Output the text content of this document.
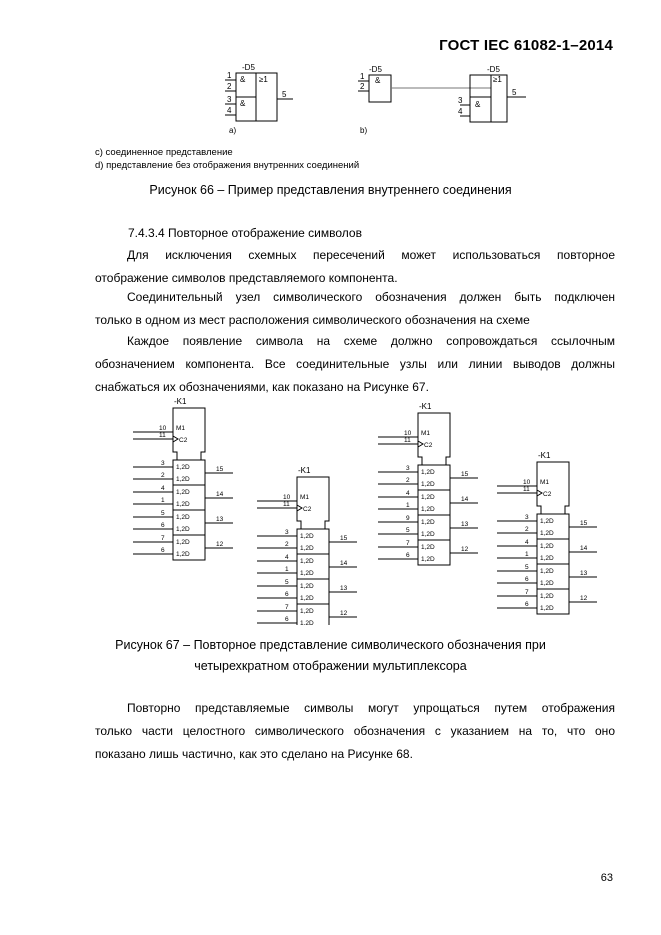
ГОСТ IEC 61082-1–2014
-D5
&
&
≥1
1
2
3
4
5
a)
-D5	-D5
&	≥1
&
1
2
3
4
5
b)
с) соединенное представление
d) представление без отображения внутренних соединений
Рисунок 66 – Пример представления внутреннего соединения
7.4.3.4 Повторное отображение символов
Для исключения схемных пересечений может использоваться повторное
отображение символов представляемого компонента.
Соединительный узел символического обозначения должен быть подключен
только в одном из мест расположения символического обозначения на схеме
Каждое появление символа на схеме должно сопровождаться ссылочным
обозначением компонента. Все соединительные узлы или линии выводов должны
снабжаться их обозначениями, как показано на Рисунке 67.
-K1
M1
C2
10
11
1,2D
1,2D
3
2
15
1,2D
1,2D
4
1
14
1,2D
1,2D
5
6
13
1,2D
1,2D
7
6
12
-K1
M1
C2
10
11
1,2D
1,2D
3
2
15
1,2D
1,2D
4
1
14
1,2D
1,2D
5
6
13
1,2D
1,2D
7
6
12
-K1
M1
C2
10
11
1,2D
1,2D
3
2
15
1,2D
1,2D
4
1
14
1,2D
1,2D
9
5
13
1,2D
1,2D
7
6
12
-K1
M1
C2
10
11
1,2D
1,2D
3
2
15
1,2D
1,2D
4
1
14
1,2D
1,2D
5
6
13
1,2D
1,2D
7
6
12
Рисунок 67 – Повторное представление символического обозначения при
четырехкратном отображении мультиплексора
Повторно представляемые символы могут упрощаться путем отображения
только части целостного символического обозначения с указанием на то, что оно
показано лишь частично, как это сделано на Рисунке 68.
63
